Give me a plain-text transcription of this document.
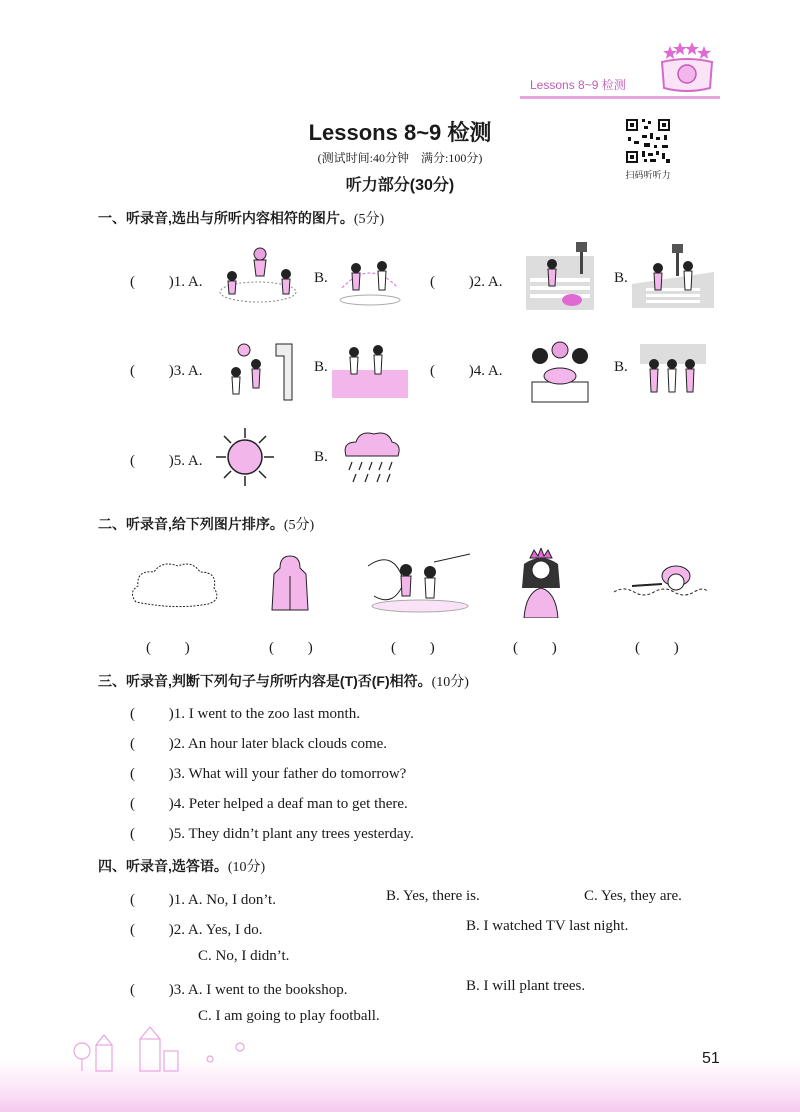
Lessons 8~9 检测
Lessons 8~9 检测
(测试时间:40分钟　满分:100分)
听力部分(30分)
扫码听听力
一、听录音,选出与所听内容相符的图片。(5分)
( 　　)1. A.	B.	( 　　)2. A.	B.
( 　　)3. A.	B.	( 　　)4. A.	B.
( 　　)5. A.	B.
二、听录音,给下列图片排序。(5分)
( 　　)	( 　　)	( 　　)	( 　　)	( 　　)
三、听录音,判断下列句子与所听内容是(T)否(F)相符。(10分)
( 　　)1. I went to the zoo last month.
( 　　)2. An hour later black clouds come.
( 　　)3. What will your father do tomorrow?
( 　　)4. Peter helped a deaf man to get there.
( 　　)5. They didn’t plant any trees yesterday.
四、听录音,选答语。(10分)
( 　　)1. A. No, I don’t.	B. Yes, there is.	C. Yes, they are.
( 　　)2. A. Yes, I do.	B. I watched TV last night.
C. No, I didn’t.
( 　　)3. A. I went to the bookshop.	B. I will plant trees.
C. I am going to play football.
51
